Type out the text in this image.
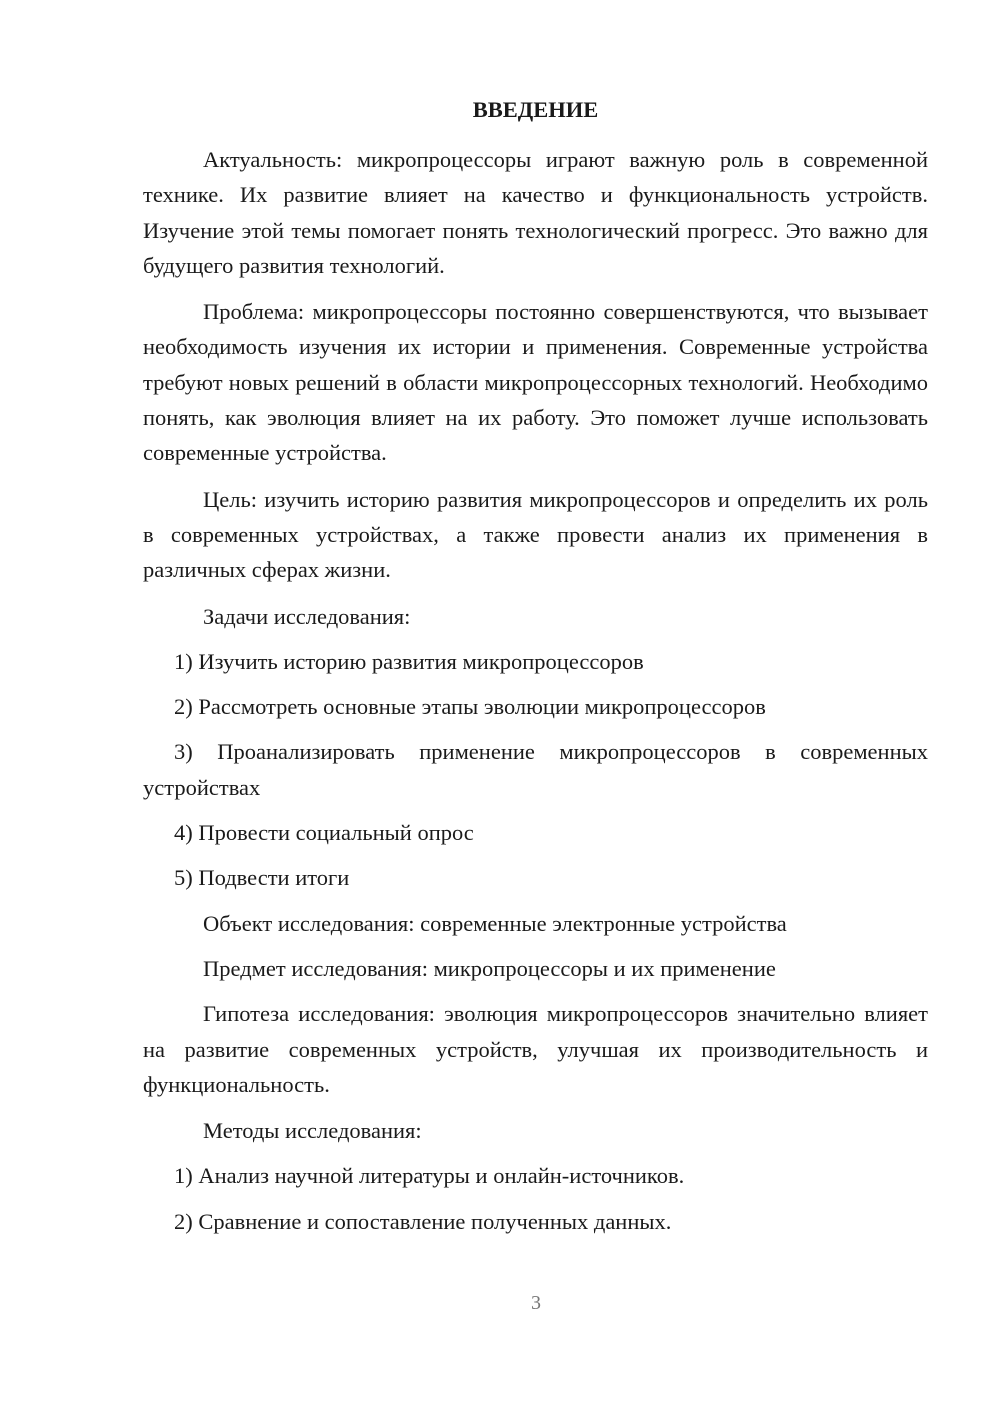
ВВЕДЕНИЕ

Актуальность: микропроцессоры играют важную роль в современной технике. Их развитие влияет на качество и функциональность устройств. Изучение этой темы помогает понять технологический прогресс. Это важно для будущего развития технологий.

Проблема: микропроцессоры постоянно совершенствуются, что вызывает необходимость изучения их истории и применения. Современные устройства требуют новых решений в области микропроцессорных технологий. Необходимо понять, как эволюция влияет на их работу. Это поможет лучше использовать современные устройства.

Цель: изучить историю развития микропроцессоров и определить их роль в современных устройствах, а также провести анализ их применения в различных сферах жизни.

Задачи исследования:

1) Изучить историю развития микропроцессоров

2) Рассмотреть основные этапы эволюции микропроцессоров

3) Проанализировать применение микропроцессоров в современных устройствах

4) Провести социальный опрос

5) Подвести итоги

Объект исследования: современные электронные устройства

Предмет исследования: микропроцессоры и их применение

Гипотеза исследования: эволюция микропроцессоров значительно влияет на развитие современных устройств, улучшая их производительность и функциональность.

Методы исследования:

1) Анализ научной литературы и онлайн-источников.

2) Сравнение и сопоставление полученных данных.

3
